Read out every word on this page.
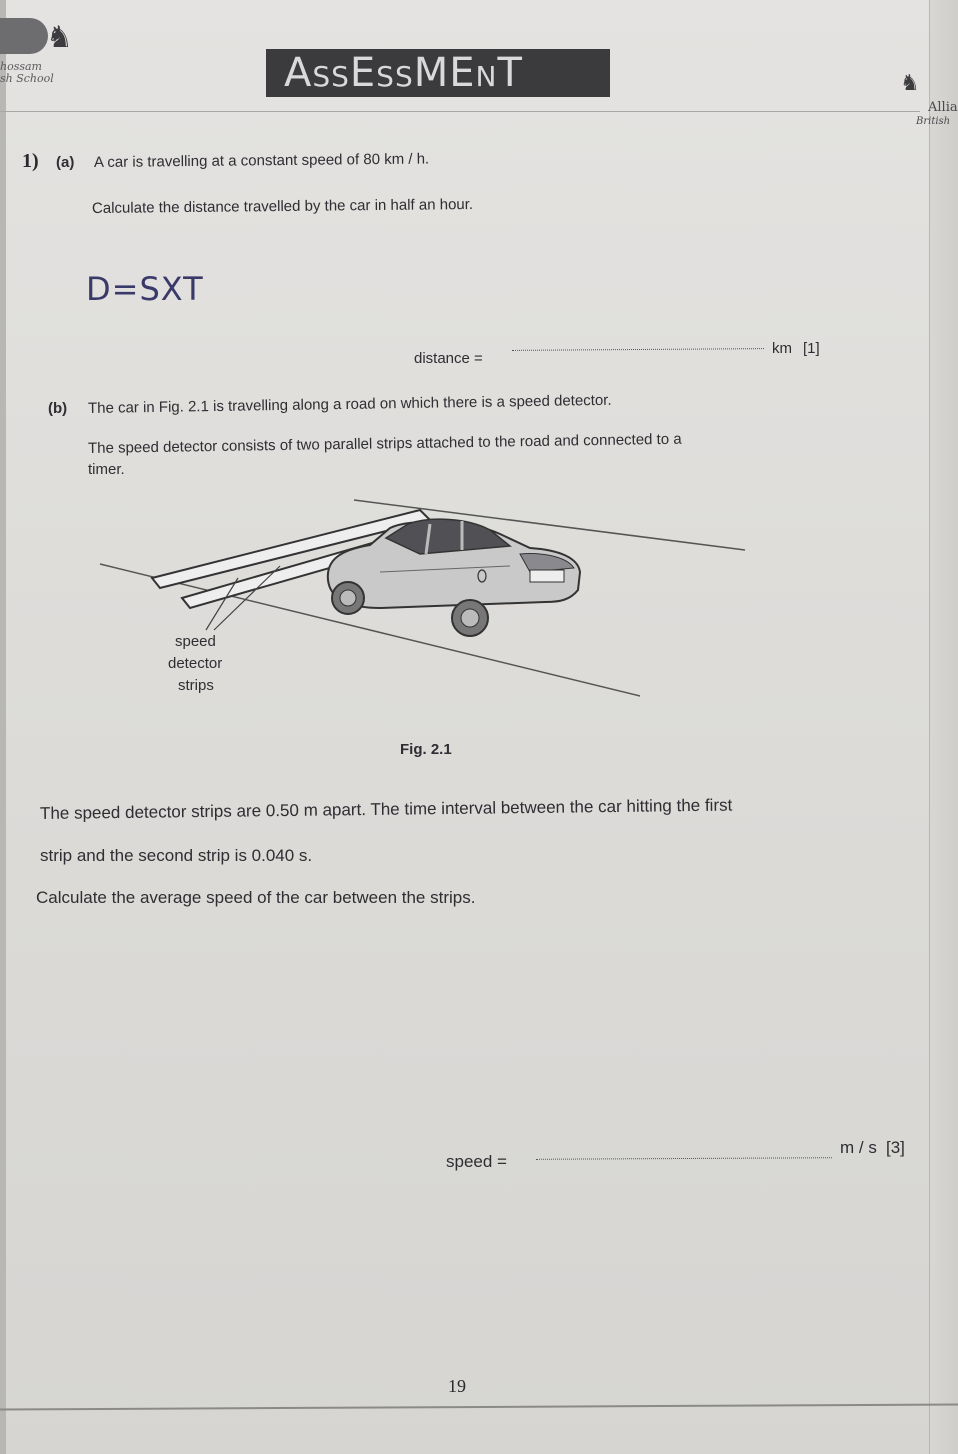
♞
hossam
sh School	AssEssMEnT	♞
Allia
British
1) (a) A car is travelling at a constant speed of 80 km / h.
Calculate the distance travelled by the car in half an hour.
D=SXT
distance =
km [1]
(b) The car in Fig. 2.1 is travelling along a road on which there is a speed detector.
The speed detector consists of two parallel strips attached to the road and connected to a
timer.
speed
detector
strips
Fig. 2.1
The speed detector strips are 0.50 m apart. The time interval between the car hitting the first
strip and the second strip is 0.040 s.
Calculate the average speed of the car between the strips.
speed =
m / s [3]
19
